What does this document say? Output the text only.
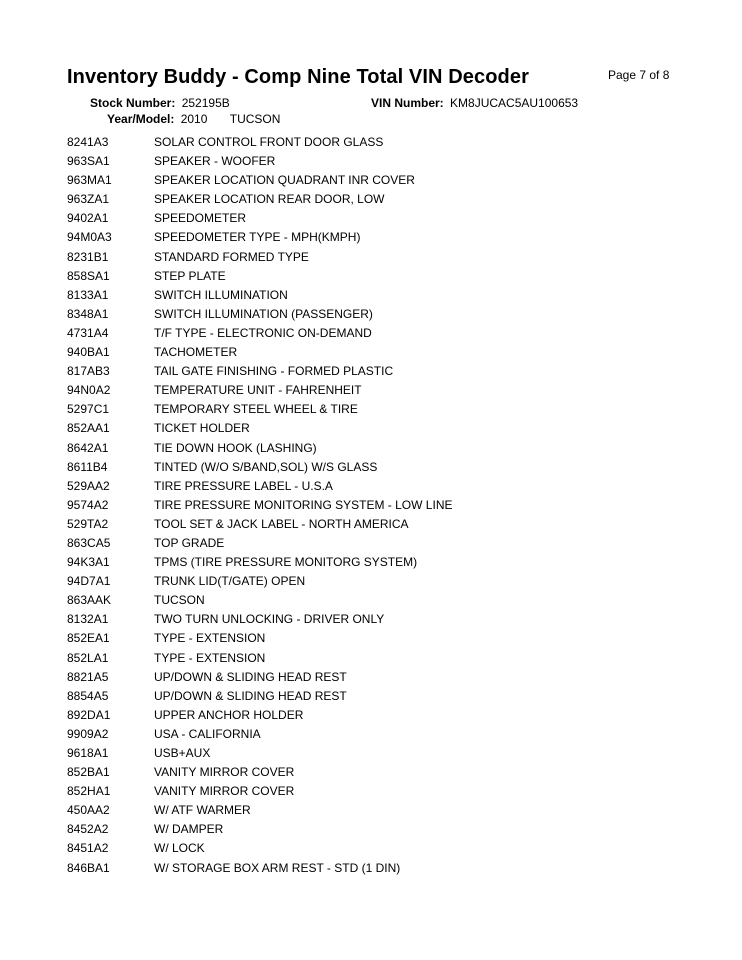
Inventory Buddy - Comp Nine Total VIN Decoder	Page 7 of 8
Stock Number: 252195B	VIN Number: KM8JUCAC5AU100653
Year/Model: 2010 TUCSON
8241A3	SOLAR CONTROL FRONT DOOR GLASS
963SA1	SPEAKER - WOOFER
963MA1	SPEAKER LOCATION QUADRANT INR COVER
963ZA1	SPEAKER LOCATION REAR DOOR, LOW
9402A1	SPEEDOMETER
94M0A3	SPEEDOMETER TYPE - MPH(KMPH)
8231B1	STANDARD FORMED TYPE
858SA1	STEP PLATE
8133A1	SWITCH ILLUMINATION
8348A1	SWITCH ILLUMINATION (PASSENGER)
4731A4	T/F TYPE - ELECTRONIC ON-DEMAND
940BA1	TACHOMETER
817AB3	TAIL GATE FINISHING - FORMED PLASTIC
94N0A2	TEMPERATURE UNIT - FAHRENHEIT
5297C1	TEMPORARY STEEL WHEEL & TIRE
852AA1	TICKET HOLDER
8642A1	TIE DOWN HOOK (LASHING)
8611B4	TINTED (W/O S/BAND,SOL) W/S GLASS
529AA2	TIRE PRESSURE LABEL - U.S.A
9574A2	TIRE PRESSURE MONITORING SYSTEM - LOW LINE
529TA2	TOOL SET & JACK LABEL - NORTH AMERICA
863CA5	TOP GRADE
94K3A1	TPMS (TIRE PRESSURE MONITORG SYSTEM)
94D7A1	TRUNK LID(T/GATE) OPEN
863AAK	TUCSON
8132A1	TWO TURN UNLOCKING - DRIVER ONLY
852EA1	TYPE - EXTENSION
852LA1	TYPE - EXTENSION
8821A5	UP/DOWN & SLIDING HEAD REST
8854A5	UP/DOWN & SLIDING HEAD REST
892DA1	UPPER ANCHOR HOLDER
9909A2	USA - CALIFORNIA
9618A1	USB+AUX
852BA1	VANITY MIRROR COVER
852HA1	VANITY MIRROR COVER
450AA2	W/ ATF WARMER
8452A2	W/ DAMPER
8451A2	W/ LOCK
846BA1	W/ STORAGE BOX ARM REST - STD (1 DIN)
